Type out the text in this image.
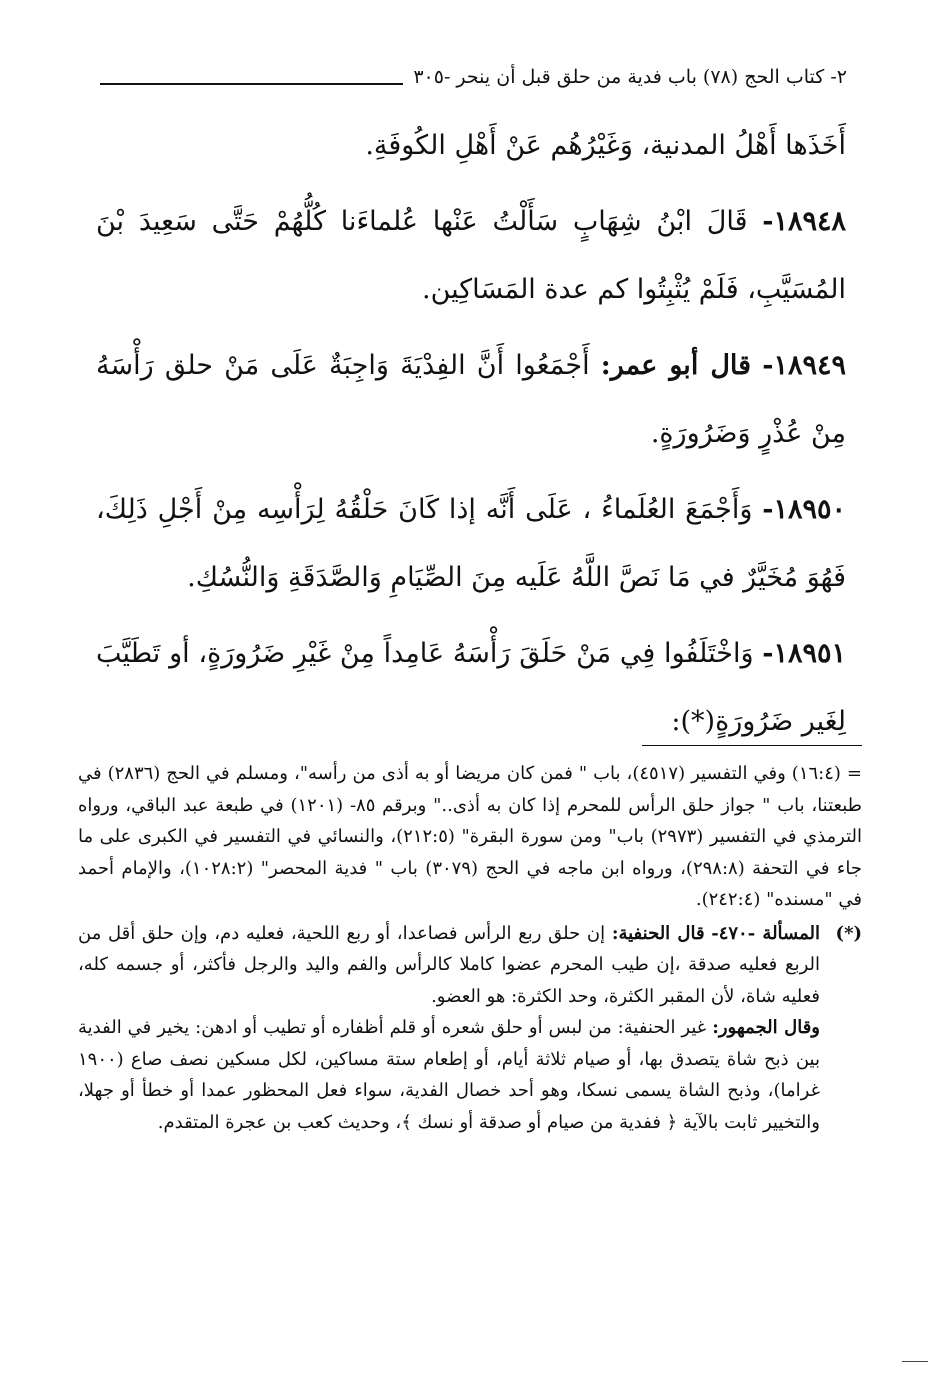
٢- كتاب الحج (٧٨) باب فدية من حلق قبل أن ينحر -٣٠٥

أَخَذَها أَهْلُ المدنية، وَغَيْرُهُم عَنْ أَهْلِ الكُوفَةِ.

١٨٩٤٨- قَالَ ابْنُ شِهَابٍ سَأَلْتُ عَنْها عُلماءَنا كُلُّهُمْ حَتَّى سَعِيدَ بْنَ المُسَيَّبِ، فَلَمْ يُثْبِتُوا كم عدة المَسَاكِين.

١٨٩٤٩- قال أبو عمر: أَجْمَعُوا أَنَّ الفِدْيَةَ وَاجِبَةٌ عَلَى مَنْ حلق رَأْسَهُ مِنْ عُذْرٍ وَضَرُورَةٍ.

١٨٩٥٠- وَأَجْمَعَ العُلَماءُ ، عَلَى أَنَّه إذا كَانَ حَلْقُهُ لِرَأْسِه مِنْ أَجْلِ ذَلِكَ، فَهُوَ مُخَيَّرٌ في مَا نَصَّ اللَّهُ عَلَيه مِنَ الصِّيَامِ وَالصَّدَقَةِ وَالنُّسُكِ.

١٨٩٥١- وَاخْتَلَفُوا فِي مَنْ حَلَقَ رَأْسَهُ عَامِداً مِنْ غَيْرِ ضَرُورَةٍ، أو تَطَيَّبَ لِغَير ضَرُورَةٍ(*):

= (١٦:٤) وفي التفسير (٤٥١٧)، باب " فمن كان مريضا أو به أذى من رأسه"، ومسلم في الحج (٢٨٣٦) في طبعتنا، باب " جواز حلق الرأس للمحرم إذا كان به أذى.." وبرقم ٨٥- (١٢٠١) في طبعة عبد الباقي، ورواه الترمذي في التفسير (٢٩٧٣) باب" ومن سورة البقرة" (٢١٢:٥)، والنسائي في التفسير في الكبرى على ما جاء في التحفة (٢٩٨:٨)، ورواه ابن ماجه في الحج (٣٠٧٩) باب " فدية المحصر" (١٠٢٨:٢)، والإمام أحمد في "مسنده" (٢٤٢:٤).

(*)

المسألة -٤٧٠- قال الحنفية: إن حلق ربع الرأس فصاعدا، أو ربع اللحية، فعليه دم، وإن حلق أقل من الربع فعليه صدقة ،إن طيب المحرم عضوا كاملا كالرأس والفم واليد والرجل فأكثر، أو جسمه كله، فعليه شاة، لأن المقبر الكثرة، وحد الكثرة: هو العضو.

وقال الجمهور: غير الحنفية: من لبس أو حلق شعره أو قلم أظفاره أو تطيب أو ادهن: يخير في الفدية بين ذبح شاة يتصدق بها، أو صيام ثلاثة أيام، أو إطعام ستة مساكين، لكل مسكين نصف صاع (١٩٠٠ غراما)، وذبح الشاة يسمى نسكا، وهو أحد خصال الفدية، سواء فعل المحظور عمدا أو خطأ أو جهلا، والتخيير ثابت بالآية ﴿ ففدية من صيام أو صدقة أو نسك ﴾، وحديث كعب بن عجرة المتقدم.
